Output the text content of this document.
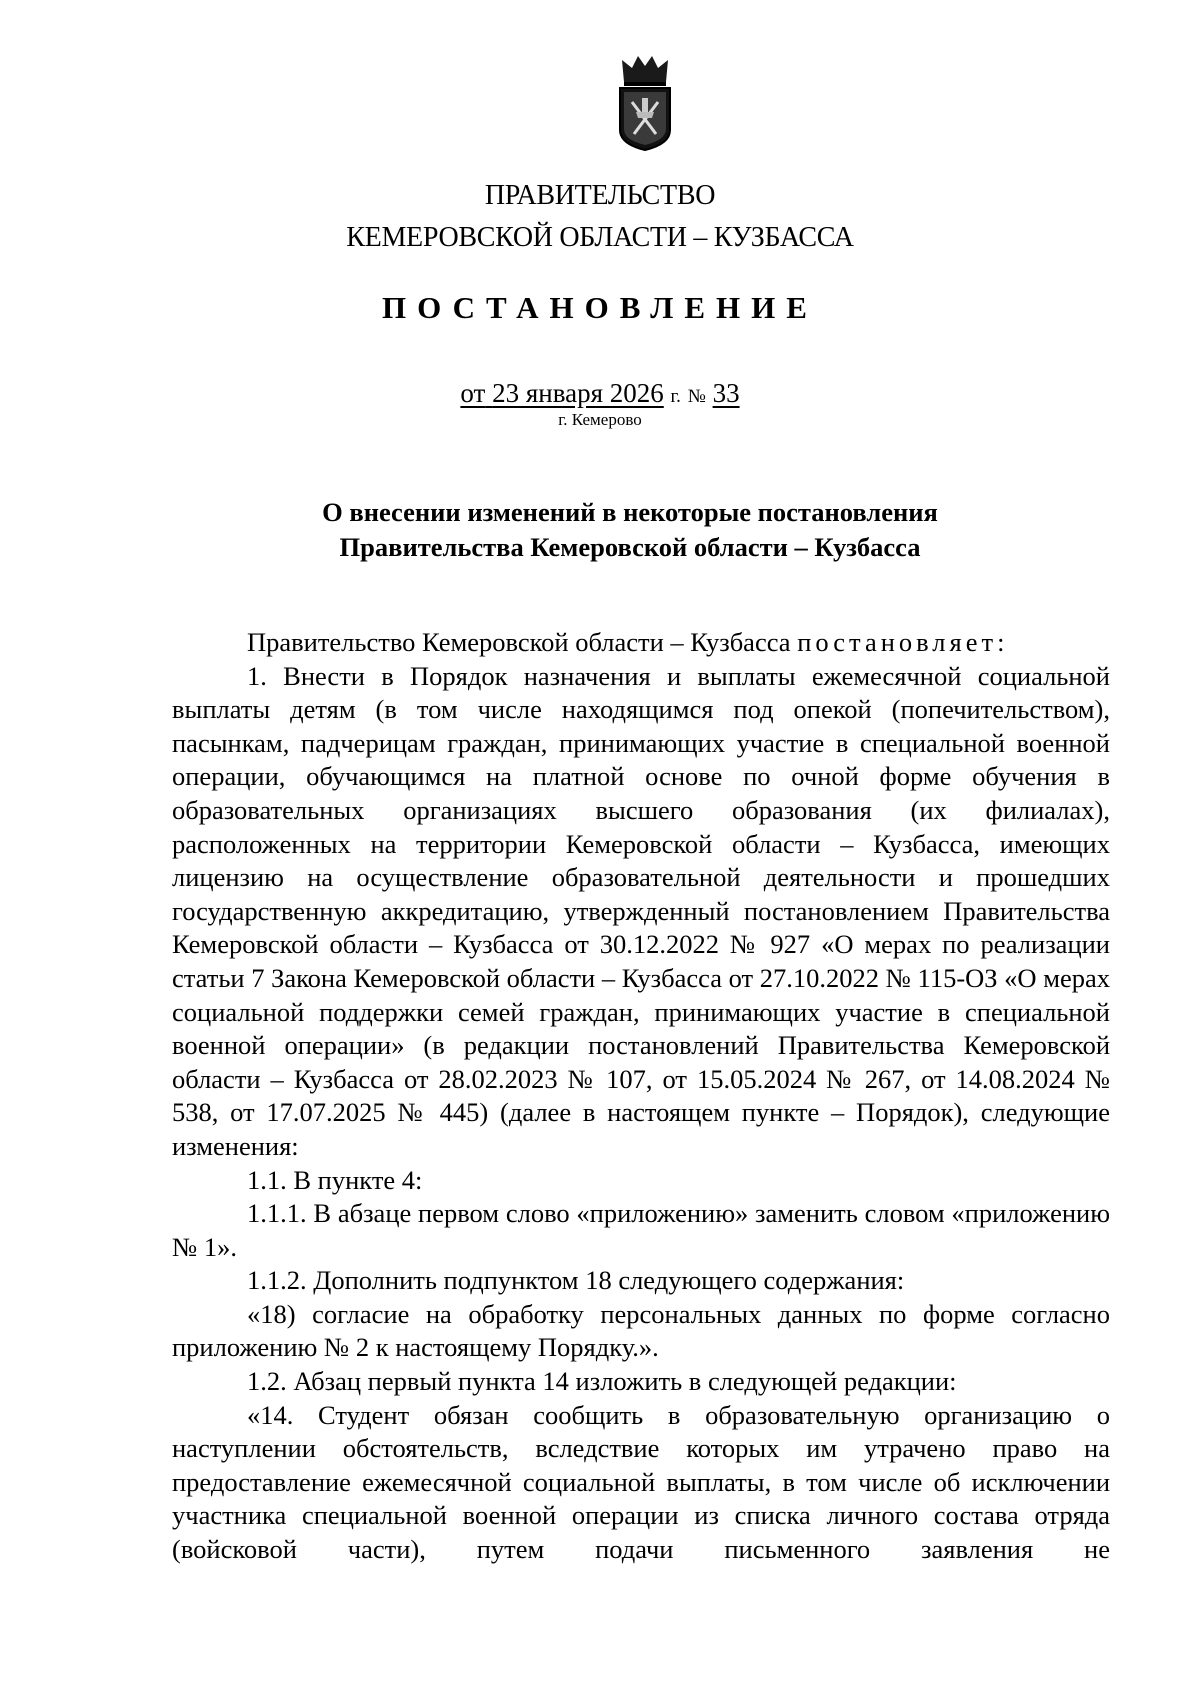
ПРАВИТЕЛЬСТВО
КЕМЕРОВСКОЙ ОБЛАСТИ – КУЗБАССА
ПОСТАНОВЛЕНИЕ
от 23 января 2026 г. № 33
г. Кемерово
О внесении изменений в некоторые постановления
Правительства Кемеровской области – Кузбасса

Правительство Кемеровской области – Кузбасса постановляет:

1. Внести в Порядок назначения и выплаты ежемесячной социальной выплаты детям (в том числе находящимся под опекой (попечительством), пасынкам, падчерицам граждан, принимающих участие в специальной военной операции, обучающимся на платной основе по очной форме обучения в образовательных организациях высшего образования (их филиалах), расположенных на территории Кемеровской области – Кузбасса, имеющих лицензию на осуществление образовательной деятельности и прошедших государственную аккредитацию, утвержденный постановлением Правительства Кемеровской области – Кузбасса от 30.12.2022 № 927 «О мерах по реализации статьи 7 Закона Кемеровской области – Кузбасса от 27.10.2022 № 115-ОЗ «О мерах социальной поддержки семей граждан, принимающих участие в специальной военной операции» (в редакции постановлений Правительства Кемеровской области – Кузбасса от 28.02.2023 № 107, от 15.05.2024 № 267, от 14.08.2024 № 538, от 17.07.2025 № 445) (далее в настоящем пункте – Порядок), следующие изменения:

1.1. В пункте 4:

1.1.1. В абзаце первом слово «приложению» заменить словом «приложению № 1».

1.1.2. Дополнить подпунктом 18 следующего содержания:

«18) согласие на обработку персональных данных по форме согласно приложению № 2 к настоящему Порядку.».

1.2. Абзац первый пункта 14 изложить в следующей редакции:

«14. Студент обязан сообщить в образовательную организацию о наступлении обстоятельств, вследствие которых им утрачено право на предоставление ежемесячной социальной выплаты, в том числе об исключении участника специальной военной операции из списка личного состава отряда (войсковой части), путем подачи письменного заявления не
